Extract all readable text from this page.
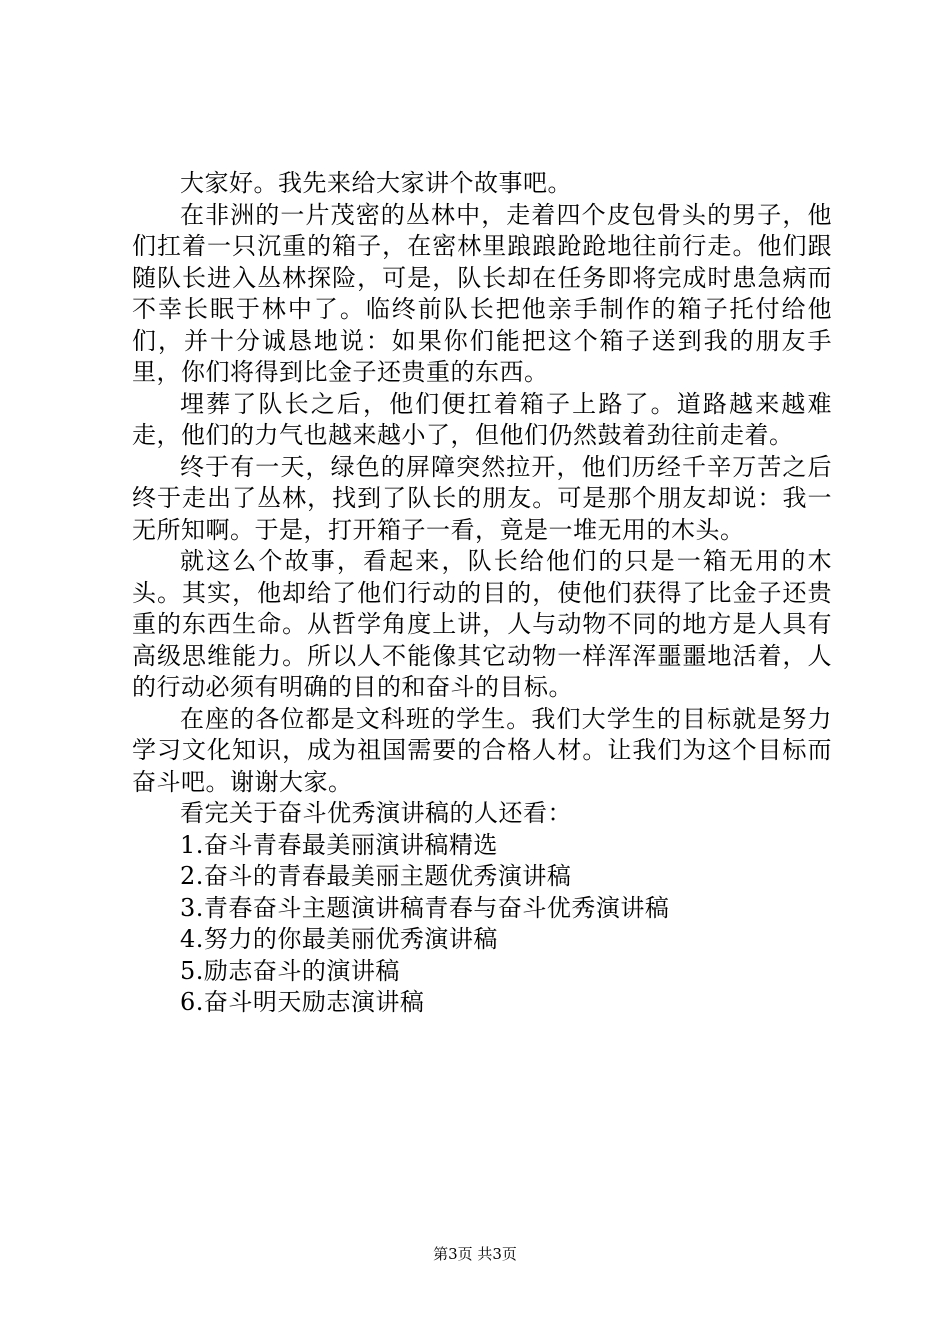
大家好。我先来给大家讲个故事吧。

在非洲的一片茂密的丛林中，走着四个皮包骨头的男子，他们扛着一只沉重的箱子，在密林里踉踉跄跄地往前行走。他们跟随队长进入丛林探险，可是，队长却在任务即将完成时患急病而不幸长眠于林中了。临终前队长把他亲手制作的箱子托付给他们，并十分诚恳地说：如果你们能把这个箱子送到我的朋友手里，你们将得到比金子还贵重的东西。

埋葬了队长之后，他们便扛着箱子上路了。道路越来越难走，他们的力气也越来越小了，但他们仍然鼓着劲往前走着。

终于有一天，绿色的屏障突然拉开，他们历经千辛万苦之后终于走出了丛林，找到了队长的朋友。可是那个朋友却说：我一无所知啊。于是，打开箱子一看，竟是一堆无用的木头。

就这么个故事，看起来，队长给他们的只是一箱无用的木头。其实，他却给了他们行动的目的，使他们获得了比金子还贵重的东西生命。从哲学角度上讲，人与动物不同的地方是人具有高级思维能力。所以人不能像其它动物一样浑浑噩噩地活着，人的行动必须有明确的目的和奋斗的目标。

在座的各位都是文科班的学生。我们大学生的目标就是努力学习文化知识，成为祖国需要的合格人材。让我们为这个目标而奋斗吧。谢谢大家。

看完关于奋斗优秀演讲稿的人还看：

1.奋斗青春最美丽演讲稿精选
2.奋斗的青春最美丽主题优秀演讲稿
3.青春奋斗主题演讲稿青春与奋斗优秀演讲稿
4.努力的你最美丽优秀演讲稿
5.励志奋斗的演讲稿
6.奋斗明天励志演讲稿
第3页 共3页
